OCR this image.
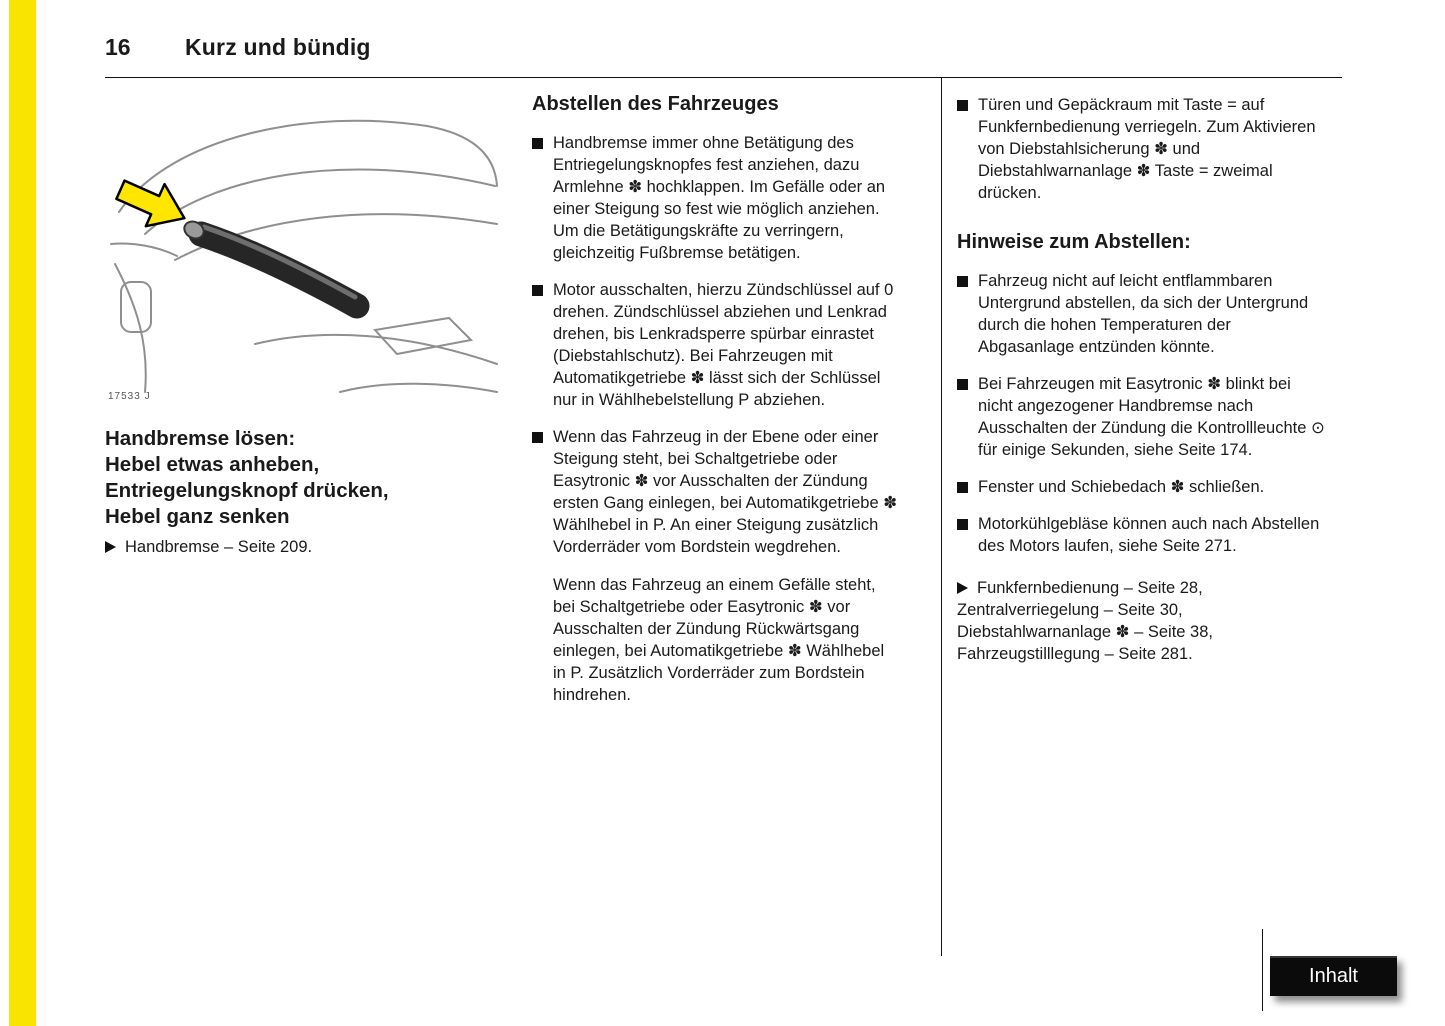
16 Kurz und bündig
17533 J
Handbremse lösen:
Hebel etwas anheben,
Entriegelungsknopf drücken,
Hebel ganz senken

Handbremse – Seite 209.

Abstellen des Fahrzeuges

Handbremse immer ohne Betätigung des Entriegelungsknopfes fest anziehen, dazu Armlehne ✽ hochklappen. Im Gefälle oder an einer Steigung so fest wie möglich anziehen. Um die Betätigungskräfte zu verringern, gleichzeitig Fußbremse betätigen.

Motor ausschalten, hierzu Zündschlüssel auf 0 drehen. Zündschlüssel abziehen und Lenkrad drehen, bis Lenkradsperre spürbar einrastet (Diebstahlschutz). Bei Fahrzeugen mit Automatikgetriebe ✽ lässt sich der Schlüssel nur in Wählhebelstellung P abziehen.

Wenn das Fahrzeug in der Ebene oder einer Steigung steht, bei Schaltgetriebe oder Easytronic ✽ vor Ausschalten der Zündung ersten Gang einlegen, bei Automatikgetriebe ✽ Wählhebel in P. An einer Steigung zusätzlich Vorderräder vom Bordstein wegdrehen.

Wenn das Fahrzeug an einem Gefälle steht, bei Schaltgetriebe oder Easytronic ✽ vor Ausschalten der Zündung Rückwärtsgang einlegen, bei Automatikgetriebe ✽ Wählhebel in P. Zusätzlich Vorderräder zum Bordstein hindrehen.

Türen und Gepäckraum mit Taste = auf Funkfernbedienung verriegeln. Zum Aktivieren von Diebstahlsicherung ✽ und Diebstahlwarnanlage ✽ Taste = zweimal drücken.

Hinweise zum Abstellen:

Fahrzeug nicht auf leicht entflammbaren Untergrund abstellen, da sich der Untergrund durch die hohen Temperaturen der Abgasanlage entzünden könnte.

Bei Fahrzeugen mit Easytronic ✽ blinkt bei nicht angezogener Handbremse nach Ausschalten der Zündung die Kontrollleuchte ⊙ für einige Sekunden, siehe Seite 174.

Fenster und Schiebedach ✽ schließen.

Motorkühlgebläse können auch nach Abstellen des Motors laufen, siehe Seite 271.

Funkfernbedienung – Seite 28,

Zentralverriegelung – Seite 30,

Diebstahlwarnanlage ✽ – Seite 38,

Fahrzeugstilllegung – Seite 281.

Inhalt
